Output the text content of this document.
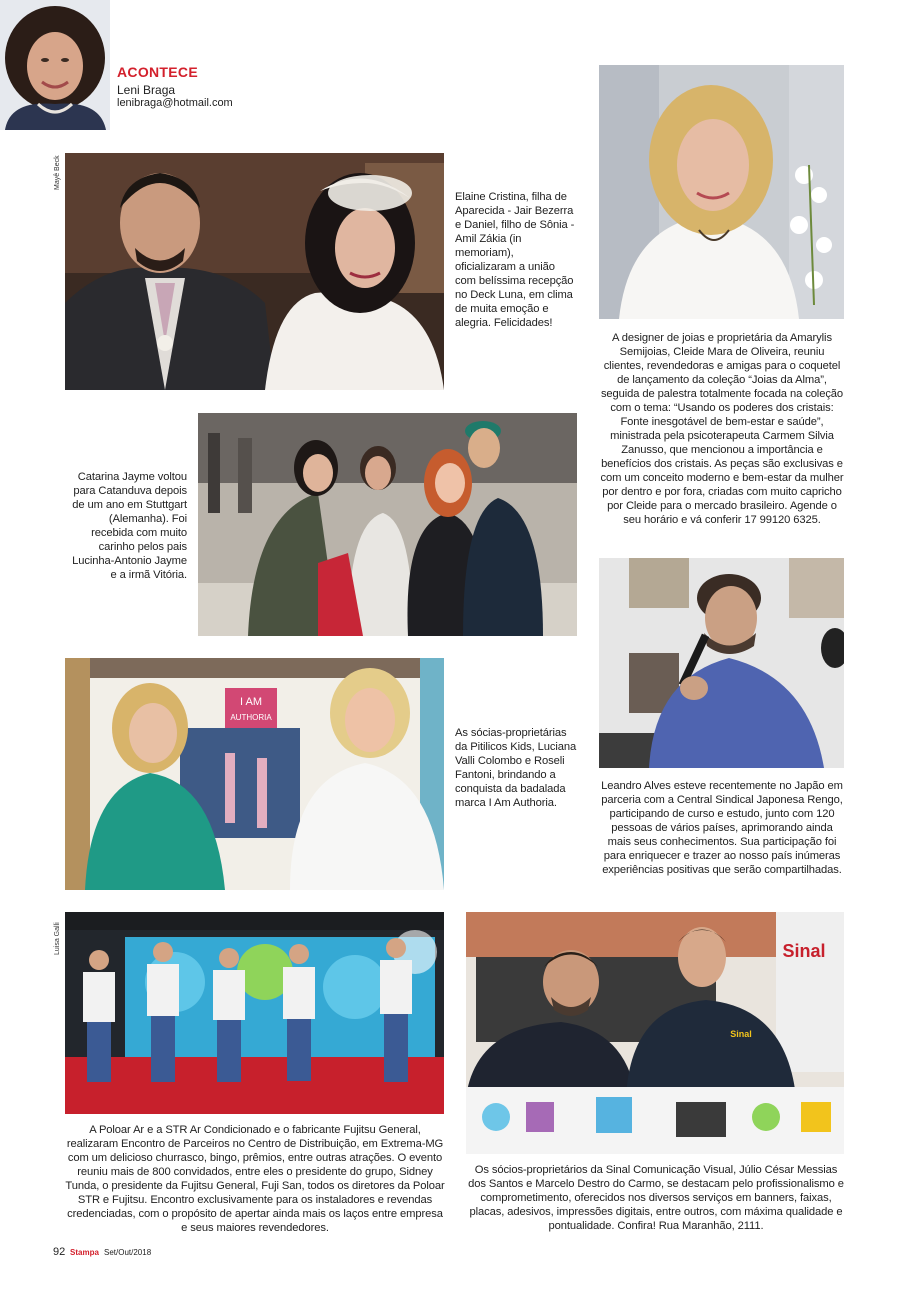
ACONTECE
Leni Braga
lenibraga@hotmail.com
Mayê Beck
Elaine Cristina, filha de Aparecida - Jair Bezerra e Daniel, filho de Sônia - Amil Zákia (in memoriam), oficializaram a união com belíssima recepção no Deck Luna, em clima de muita emoção e alegria. Felicidades!
A designer de joias e proprietária da Amarylis Semijoias, Cleide Mara de Oliveira, reuniu clientes, revendedoras e amigas para o coquetel de lançamento da coleção “Joias da Alma”, seguida de palestra totalmente focada na coleção com o tema: “Usando os poderes dos cristais: Fonte inesgotável de bem-estar e saúde”, ministrada pela psicoterapeuta Carmem Silvia Zanusso, que mencionou a importância e benefícios dos cristais. As peças são exclusivas e com um conceito moderno e bem-estar da mulher por dentro e por fora, criadas com muito capricho por Cleide para o mercado brasileiro. Agende o seu horário e vá conferir 17 99120 6325.
Catarina Jayme voltou para Catanduva depois de um ano em Stuttgart (Alemanha). Foi recebida com muito carinho pelos pais Lucinha-Antonio Jayme e a irmã Vitória.
I AM
AUTHORIA
As sócias-proprietárias da Pitilicos Kids, Luciana Valli Colombo e Roseli Fantoni, brindando a conquista da badalada marca I Am Authoria.
Leandro Alves esteve recentemente no Japão em parceria com a Central Sindical Japonesa Rengo, participando de curso e estudo, junto com 120 pessoas de vários países, aprimorando ainda mais seus conhecimentos. Sua participação foi para enriquecer e trazer ao nosso país inúmeras experiências positivas que serão compartilhadas.
Luisa Galli
A Poloar Ar e a STR Ar Condicionado e o fabricante Fujitsu General, realizaram Encontro de Parceiros no Centro de Distribuição, em Extrema-MG com um delicioso churrasco, bingo, prêmios, entre outras atrações. O evento reuniu mais de 800 convidados, entre eles o presidente do grupo, Sidney Tunda, o presidente da Fujitsu General, Fuji San, todos os diretores da Poloar STR e Fujitsu. Encontro exclusivamente para os instaladores e revendas credenciadas, com o propósito de apertar ainda mais os laços entre empresa e seus maiores revendedores.
Sinal
Sinal
Os sócios-proprietários da Sinal Comunicação Visual, Júlio César Messias dos Santos e Marcelo Destro do Carmo, se destacam pelo profissionalismo e comprometimento, oferecidos nos diversos serviços em banners, faixas, placas, adesivos, impressões digitais, entre outros, com máxima qualidade e pontualidade. Confira! Rua Maranhão, 2111.
92 Stampa Set/Out/2018
